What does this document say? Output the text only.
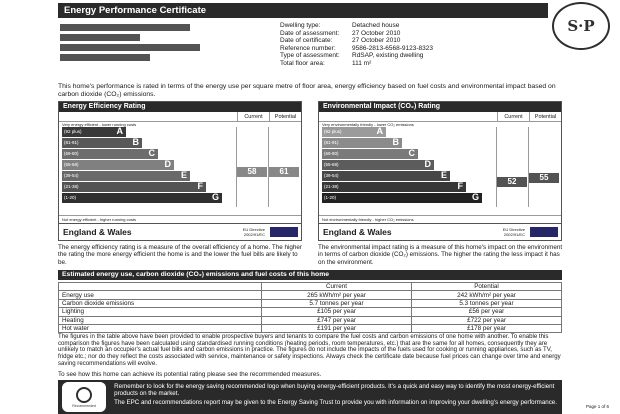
Energy Performance Certificate
S·P
Dwelling type:	Detached house
Date of assessment:	27 October 2010
Date of certificate:	27 October 2010
Reference number:	9586-2813-6568-9123-8323
Type of assessment:	RdSAP, existing dwelling
Total floor area:	111 m²
This home's performance is rated in terms of the energy use per square metre of floor area, energy efficiency based on fuel costs and environmental impact based on carbon dioxide (CO₂) emissions.
Energy Efficiency Rating
Current	Potential
Very energy efficient - lower running costs
58	61
(92 plus)	A
(81-91)	B
(69-80)	C
(55-68)	D
(39-54)	E
(21-38)	F
(1-20)	G
Not energy efficient - higher running costs
England & Wales	EU Directive 2002/91/EC
Environmental Impact (CO₂) Rating
Current	Potential
Very environmentally friendly - lower CO₂ emissions
52	55
(92 plus)	A
(81-91)	B
(69-80)	C
(55-68)	D
(39-54)	E
(21-38)	F
(1-20)	G
Not environmentally friendly - higher CO₂ emissions
England & Wales	EU Directive 2002/91/EC
The energy efficiency rating is a measure of the overall efficiency of a home. The higher the rating the more energy efficient the home is and the lower the fuel bills are likely to be.
The environmental impact rating is a measure of this home's impact on the environment in terms of carbon dioxide (CO₂) emissions. The higher the rating the less impact it has on the environment.
Estimated energy use, carbon dioxide (CO₂) emissions and fuel costs of this home
	Current	Potential
Energy use	265 kWh/m² per year	242 kWh/m² per year
Carbon dioxide emissions	5.7 tonnes per year	5.3 tonnes per year
Lighting	£105 per year	£56 per year
Heating	£747 per year	£722 per year
Hot water	£191 per year	£178 per year
The figures in the table above have been provided to enable prospective buyers and tenants to compare the fuel costs and carbon emissions of one home with another. To enable this comparison the figures have been calculated using standardised running conditions (heating periods, room temperatures, etc.) that are the same for all homes, consequently they are unlikely to match an occupier's actual fuel bills and carbon emissions in practice. The figures do not include the impacts of the fuels used for cooking or running appliances, such as TV, fridge etc.; nor do they reflect the costs associated with service, maintenance or safety inspections. Always check the certificate date because fuel prices can change over time and energy saving recommendations will evolve.
To see how this home can achieve its potential rating please see the recommended measures.
Recommended

Remember to look for the energy saving recommended logo when buying energy-efficient products. It's a quick and easy way to identify the most energy-efficient products on the market.

The EPC and recommendations report may be given to the Energy Saving Trust to provide you with information on improving your dwelling's energy performance.

Page 1 of 6
